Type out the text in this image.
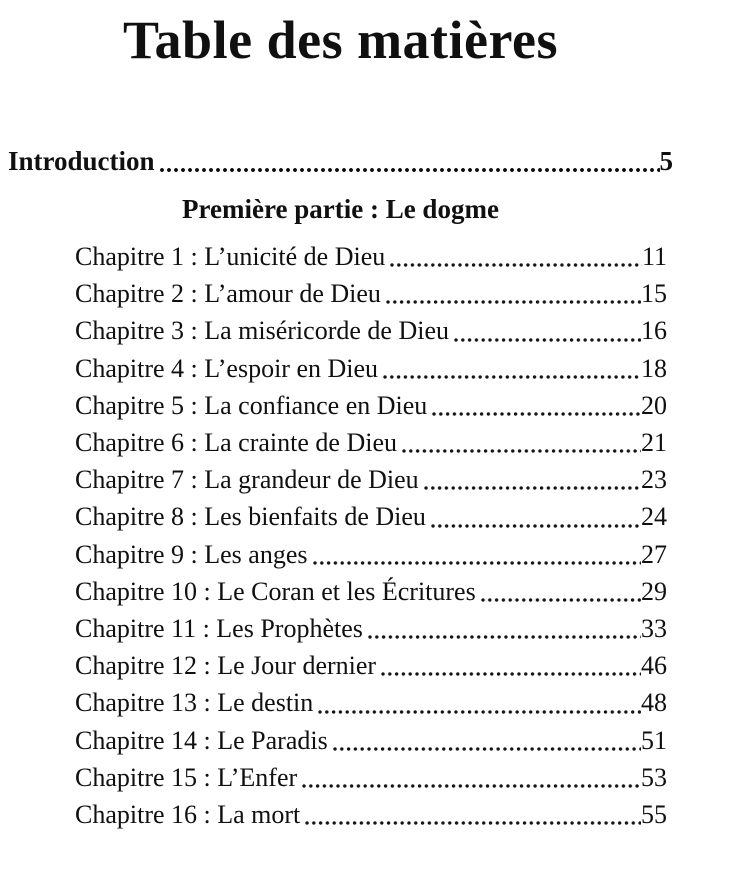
Table des matières
Introduction	5
Première partie : Le dogme
Chapitre 1 : L’unicité de Dieu	11
Chapitre 2 : L’amour de Dieu	15
Chapitre 3 : La miséricorde de Dieu	16
Chapitre 4 : L’espoir en Dieu	18
Chapitre 5 : La confiance en Dieu	20
Chapitre 6 : La crainte de Dieu	21
Chapitre 7 : La grandeur de Dieu	23
Chapitre 8 : Les bienfaits de Dieu	24
Chapitre 9 : Les anges	27
Chapitre 10 : Le Coran et les Écritures	29
Chapitre 11 : Les Prophètes	33
Chapitre 12 : Le Jour dernier	46
Chapitre 13 : Le destin	48
Chapitre 14 : Le Paradis	51
Chapitre 15 : L’Enfer	53
Chapitre 16 : La mort	55
